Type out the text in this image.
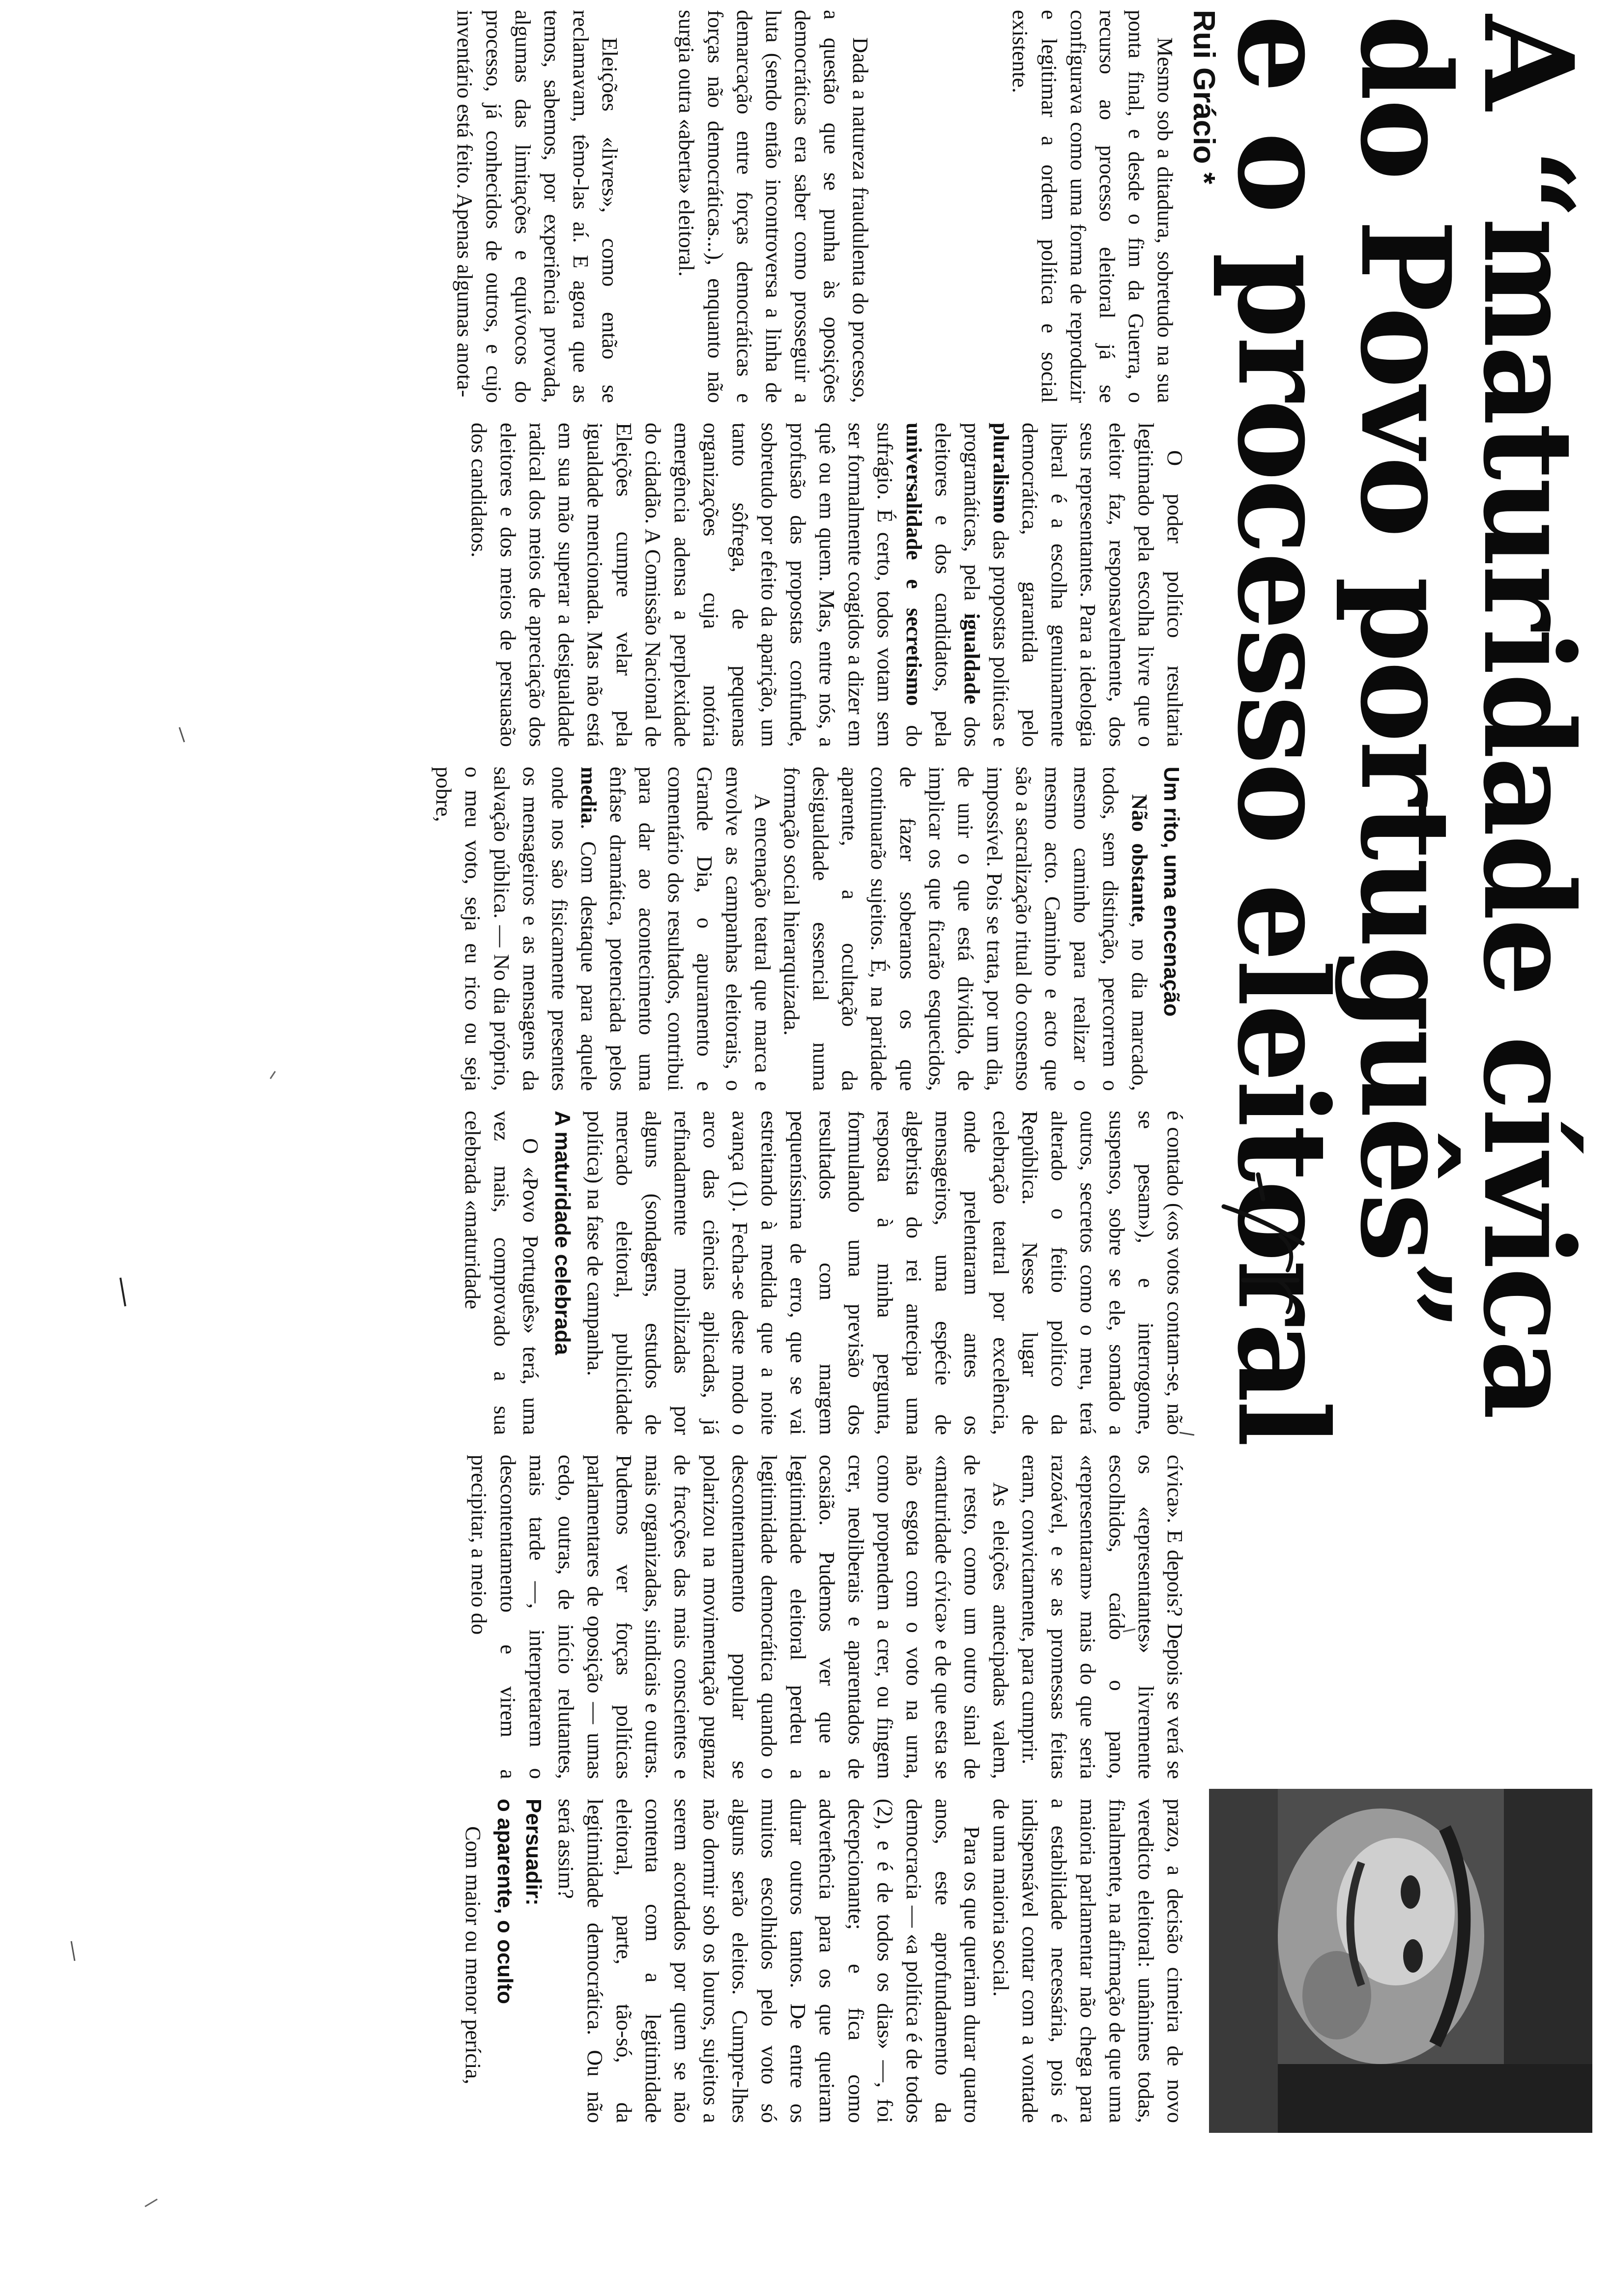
A “maturidade cívica
do Povo português”
e o processo eleitoral
Rui Grácio *

Mesmo sob a ditadura, sobretudo na sua ponta final, e desde o fim da Guerra, o recurso ao processo eleitoral já se configurava como uma forma de reproduzir e legitimar a ordem política e social existente.

Dada a natureza fraudulenta do processo, a questão que se punha às oposições democráticas era saber como prosseguir a luta (sendo então incontroversa a linha de demarcação entre forças democráticas e forças não democráticas...), enquanto não surgia outra «aberta» eleitoral.

Eleições «livres», como então se reclamavam, têmo-las aí. E agora que as temos, sabemos, por experiência provada, algumas das limitações e equívocos do processo, já conhecidos de outros, e cujo inventário está feito. Apenas algumas anota-

O poder político resultaria legitimado pela escolha livre que o eleitor faz, responsavelmente, dos seus representantes. Para a ideologia liberal é a escolha genuinamente democrática, garantida pelo pluralismo das propostas políticas e programáticas, pela igualdade dos eleitores e dos candidatos, pela universalidade e secretismo do sufrágio. É certo, todos votam sem ser formalmente coagidos a dizer em quê ou em quem. Mas, entre nós, a profusão das propostas confunde, sobretudo por efeito da aparição, um tanto sôfrega, de pequenas organizações cuja notória emergência adensa a perplexidade do cidadão. A Comissão Nacional de Eleições cumpre velar pela igualdade mencionada. Mas não está em sua mão superar a desigualdade radical dos meios de apreciação dos eleitores e dos meios de persuasão dos candidatos.

Um rito, uma encenação

Não obstante, no dia marcado, todos, sem distinção, percorrem o mesmo caminho para realizar o mesmo acto. Caminho e acto que são a sacralização ritual do consenso impossível. Pois se trata, por um dia, de unir o que está dividido, de implicar os que ficarão esquecidos, de fazer soberanos os que continuarão sujeitos. É, na paridade aparente, a ocultação da desigualdade essencial numa formação social hierarquizada.

A encenação teatral que marca e envolve as campanhas eleitorais, o Grande Dia, o apuramento e comentário dos resultados, contribui para dar ao acontecimento uma ênfase dramática, potenciada pelos media. Com destaque para aquele onde nos são fisicamente presentes os mensageiros e as mensagens da salvação pública. — No dia próprio, o meu voto, seja eu rico ou seja pobre,

é contado («os votos contam-se, não se pesam»), e interrogome, suspenso, sobre se ele, somado a outros, secretos como o meu, terá alterado o feitio político da República. Nesse lugar de celebração teatral por excelência, onde prelentaram antes os mensageiros, uma espécie de algebrista do rei antecipa uma resposta à minha pergunta, formulando uma previsão dos resultados com margem pequeníssima de erro, que se vai estreitando à medida que a noite avança (1). Fecha-se deste modo o arco das ciências aplicadas, já refinadamente mobilizadas por alguns (sondagens, estudos de mercado eleitoral, publicidade política) na fase de campanha.

A maturidade celebrada

O «Povo Português» terá, uma vez mais, comprovado a sua celebrada «maturidade

cívica». E depois? Depois se verá se os «representantes» livremente escolhidos, caído o pano, «representaram» mais do que seria razoável, e se as promessas feitas eram, convictamente, para cumprir.

As eleições antecipadas valem, de resto, como um outro sinal de «maturidade cívica» e de que esta se não esgota com o voto na urna, como propendem a crer, ou fingem crer, neoliberais e aparentados de ocasião. Pudemos ver que a legitimidade eleitoral perdeu a legitimidade democrática quando o descontentamento popular se polarizou na movimentação pugnaz de fracções das mais conscientes e mais organizadas, sindicais e outras. Pudemos ver forças políticas parlamentares de oposição — umas cedo, outras, de início relutantes, mais tarde —, interpretarem o descontentamento e virem a precipitar, a meio do

prazo, a decisão cimeira de novo veredicto eleitoral: unânimes todas, finalmente, na afirmação de que uma maioria parlamentar não chega para a estabilidade necessária, pois é indispensável contar com a vontade de uma maioria social.

Para os que queriam durar quatro anos, este aprofundamento da democracia — «a política é de todos (2), e é de todos os dias» —, foi decepcionante; e fica como advertência para os que queiram durar outros tantos. De entre os muitos escolhidos pelo voto só alguns serão eleitos. Cumpre-lhes não dormir sob os louros, sujeitos a serem acordados por quem se não contenta com a legitimidade eleitoral, parte, tão-só, da legitimidade democrática. Ou não será assim?

Persuadir:
o aparente, o oculto

Com maior ou menor perícia,
